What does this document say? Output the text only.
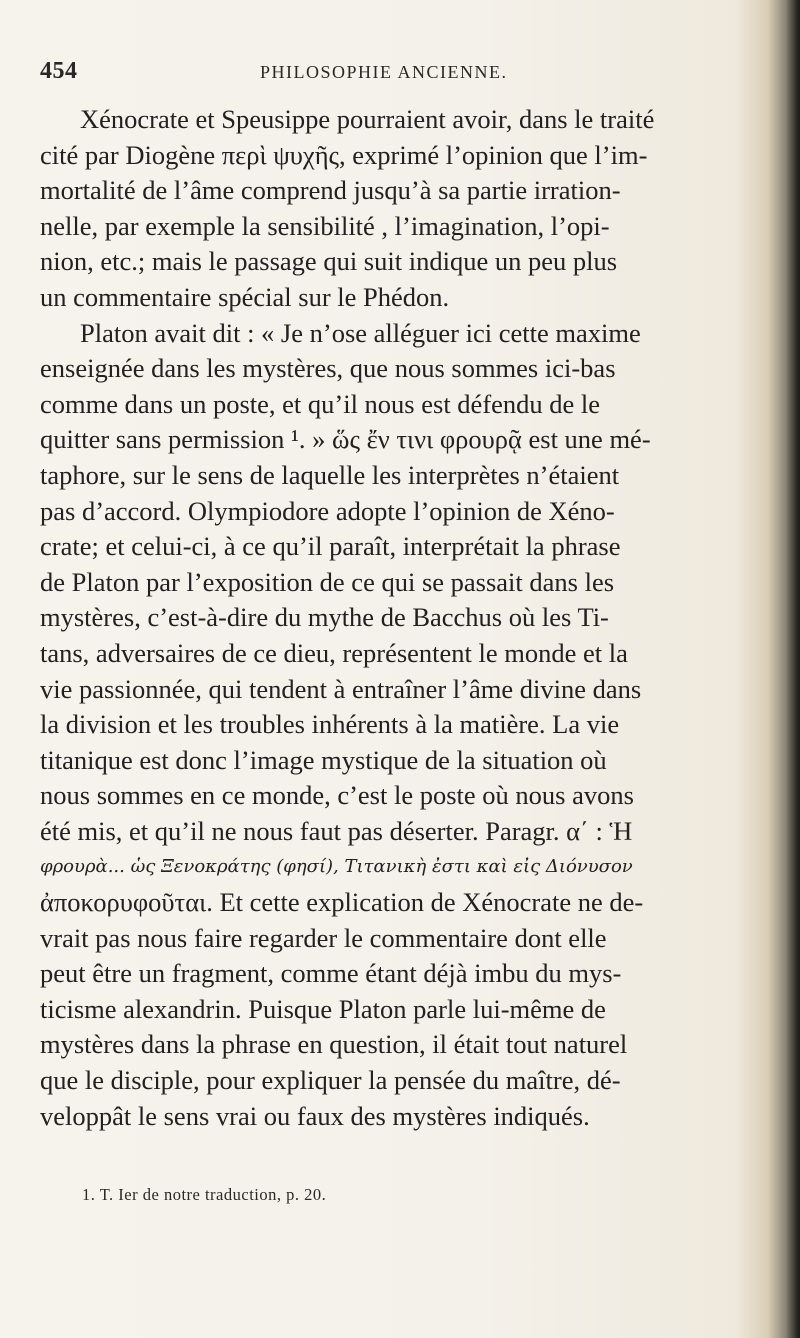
454	PHILOSOPHIE ANCIENNE.
Xénocrate et Speusippe pourraient avoir, dans le traité
cité par Diogène περὶ ψυχῆς, exprimé l’opinion que l’im-
mortalité de l’âme comprend jusqu’à sa partie irration-
nelle, par exemple la sensibilité , l’imagination, l’opi-
nion, etc.; mais le passage qui suit indique un peu plus
un commentaire spécial sur le Phédon.
Platon avait dit : « Je n’ose alléguer ici cette maxime
enseignée dans les mystères, que nous sommes ici-bas
comme dans un poste, et qu’il nous est défendu de le
quitter sans permission ¹. » ὥς ἔν τινι φρουρᾷ est une mé-
taphore, sur le sens de laquelle les interprètes n’étaient
pas d’accord. Olympiodore adopte l’opinion de Xéno-
crate; et celui-ci, à ce qu’il paraît, interprétait la phrase
de Platon par l’exposition de ce qui se passait dans les
mystères, c’est-à-dire du mythe de Bacchus où les Ti-
tans, adversaires de ce dieu, représentent le monde et la
vie passionnée, qui tendent à entraîner l’âme divine dans
la division et les troubles inhérents à la matière. La vie
titanique est donc l’image mystique de la situation où
nous sommes en ce monde, c’est le poste où nous avons
été mis, et qu’il ne nous faut pas déserter. Paragr. α΄ : Ἡ
φρουρὰ... ὡς Ξενοκράτης (φησί), Τιτανικὴ ἐστι καὶ εἰς Διόνυσον
ἀποκορυφοῦται. Et cette explication de Xénocrate ne de-
vrait pas nous faire regarder le commentaire dont elle
peut être un fragment, comme étant déjà imbu du mys-
ticisme alexandrin. Puisque Platon parle lui-même de
mystères dans la phrase en question, il était tout naturel
que le disciple, pour expliquer la pensée du maître, dé-
veloppât le sens vrai ou faux des mystères indiqués.
1. T. Ier de notre traduction, p. 20.
